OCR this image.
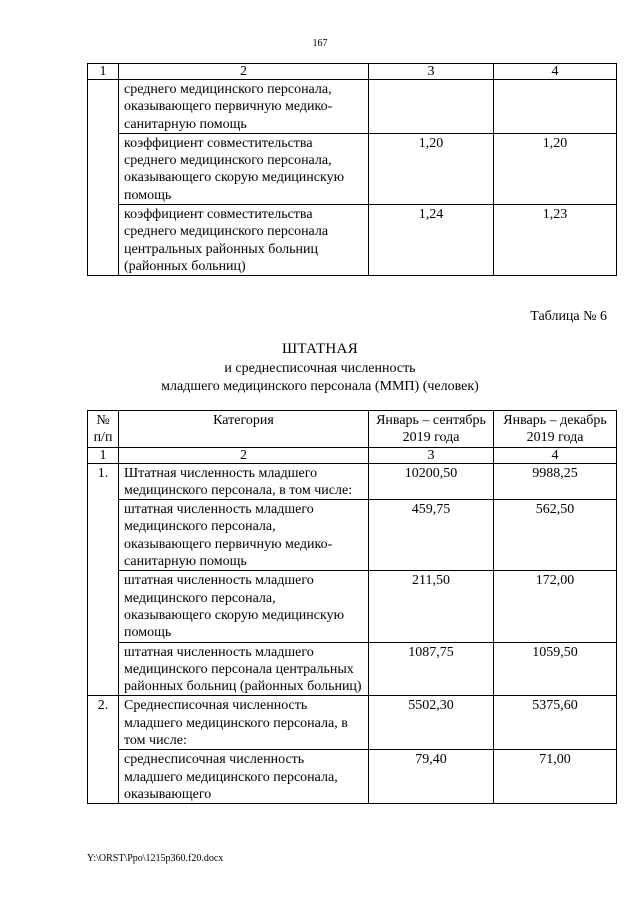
167
1	2	3	4
	среднего медицинского персонала, оказывающего первичную медико-санитарную помощь		
	коэффициент совместительства среднего медицинского персонала, оказывающего скорую медицинскую помощь	1,20	1,20
	коэффициент совместительства среднего медицинского персонала центральных районных больниц (районных больниц)	1,24	1,23
Таблица № 6
ШТАТНАЯ
и среднесписочная численность
младшего медицинского персонала (ММП) (человек)
№ п/п	Категория	Январь – сентябрь 2019 года	Январь – декабрь 2019 года
1	2	3	4
1.	Штатная численность младшего медицинского персонала, в том числе:	10200,50	9988,25
	штатная численность младшего медицинского персонала, оказывающего первичную медико-санитарную помощь	459,75	562,50
	штатная численность младшего медицинского персонала, оказывающего скорую медицинскую помощь	211,50	172,00
	штатная численность младшего медицинского персонала центральных районных больниц (районных больниц)	1087,75	1059,50
2.	Среднесписочная численность младшего медицинского персонала, в том числе:	5502,30	5375,60
	среднесписочная численность младшего медицинского персонала, оказывающего	79,40	71,00
Y:\ORST\Ppo\1215p360.f20.docx
